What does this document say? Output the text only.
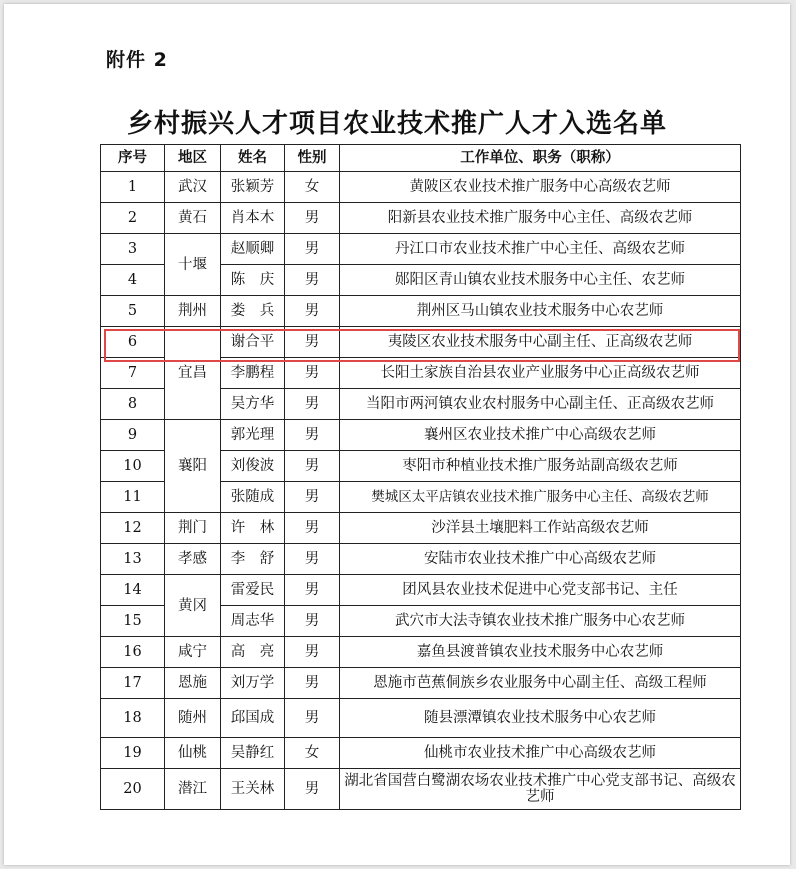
附件 2
乡村振兴人才项目农业技术推广人才入选名单
序号	地区	姓名	性别	工作单位、职务（职称）
1	武汉	张颖芳	女	黄陂区农业技术推广服务中心高级农艺师
2	黄石	肖本木	男	阳新县农业技术推广服务中心主任、高级农艺师
3	十堰	赵顺卿	男	丹江口市农业技术推广中心主任、高级农艺师
4		陈　庆	男	郧阳区青山镇农业技术服务中心主任、农艺师
5	荆州	娄　兵	男	荆州区马山镇农业技术服务中心农艺师
6	宜昌	谢合平	男	夷陵区农业技术服务中心副主任、正高级农艺师
7		李鹏程	男	长阳土家族自治县农业产业服务中心正高级农艺师
8		吴方华	男	当阳市两河镇农业农村服务中心副主任、正高级农艺师
9	襄阳	郭光理	男	襄州区农业技术推广中心高级农艺师
10		刘俊波	男	枣阳市种植业技术推广服务站副高级农艺师
11		张随成	男	樊城区太平店镇农业技术推广服务中心主任、高级农艺师
12	荆门	许　林	男	沙洋县土壤肥料工作站高级农艺师
13	孝感	李　舒	男	安陆市农业技术推广中心高级农艺师
14	黄冈	雷爱民	男	团风县农业技术促进中心党支部书记、主任
15		周志华	男	武穴市大法寺镇农业技术推广服务中心农艺师
16	咸宁	高　亮	男	嘉鱼县渡普镇农业技术服务中心农艺师
17	恩施	刘万学	男	恩施市芭蕉侗族乡农业服务中心副主任、高级工程师
18	随州	邱国成	男	随县漂潭镇农业技术服务中心农艺师
19	仙桃	吴静红	女	仙桃市农业技术推广中心高级农艺师
20	潜江	王关林	男	湖北省国营白鹭湖农场农业技术推广中心党支部书记、高级农艺师
